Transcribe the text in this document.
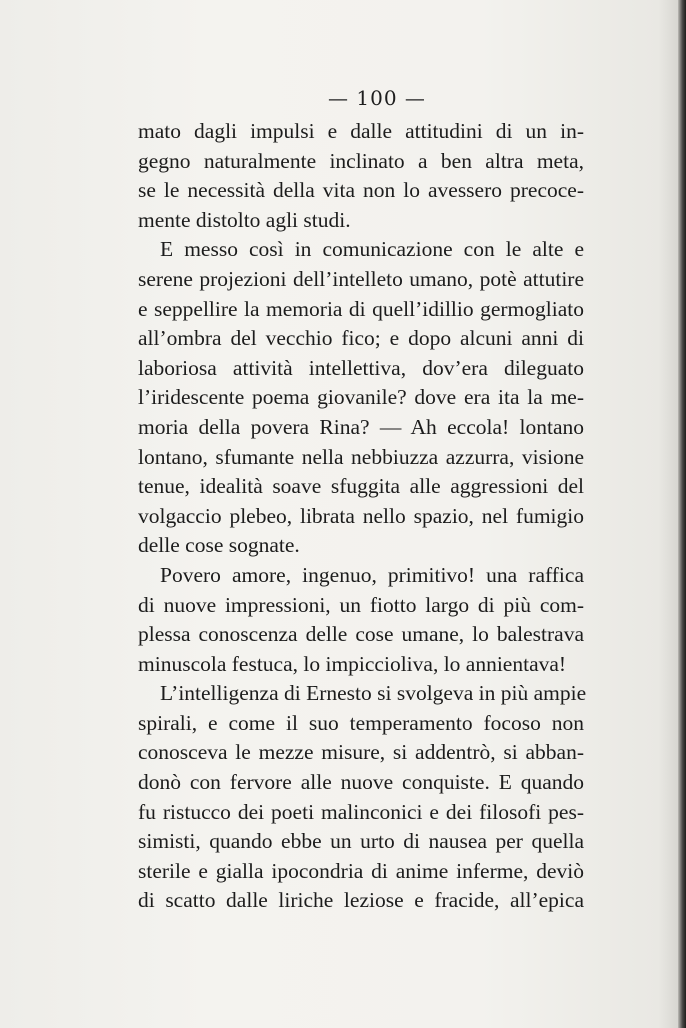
— 100 —
mato dagli impulsi e dalle attitudini di un in-
gegno naturalmente inclinato a ben altra meta,
se le necessità della vita non lo avessero precoce-
mente distolto agli studi.
E messo così in comunicazione con le alte e
serene projezioni dell’intelleto umano, potè attutire
e seppellire la memoria di quell’idillio germogliato
all’ombra del vecchio fico; e dopo alcuni anni di
laboriosa attività intellettiva, dov’era dileguato
l’iridescente poema giovanile? dove era ita la me-
moria della povera Rina? — Ah eccola! lontano
lontano, sfumante nella nebbiuzza azzurra, visione
tenue, idealità soave sfuggita alle aggressioni del
volgaccio plebeo, librata nello spazio, nel fumigio
delle cose sognate.
Povero amore, ingenuo, primitivo! una raffica
di nuove impressioni, un fiotto largo di più com-
plessa conoscenza delle cose umane, lo balestrava
minuscola festuca, lo impiccioliva, lo annientava!
L’intelligenza di Ernesto si svolgeva in più ampie
spirali, e come il suo temperamento focoso non
conosceva le mezze misure, si addentrò, si abban-
donò con fervore alle nuove conquiste. E quando
fu ristucco dei poeti malinconici e dei filosofi pes-
simisti, quando ebbe un urto di nausea per quella
sterile e gialla ipocondria di anime inferme, deviò
di scatto dalle liriche leziose e fracide, all’epica
